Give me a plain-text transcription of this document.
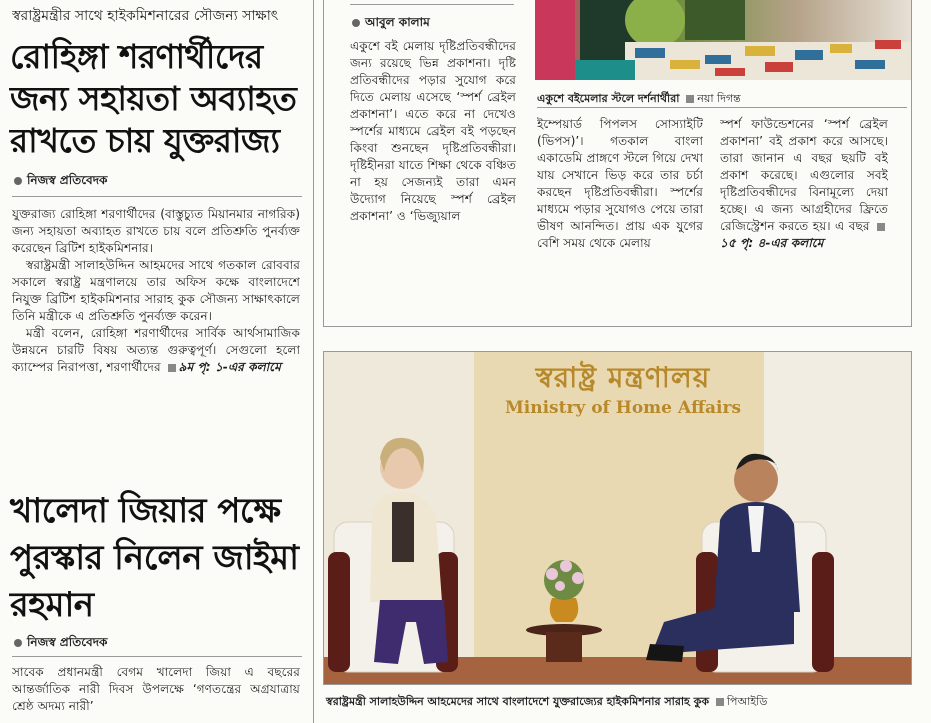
স্বরাষ্ট্রমন্ত্রীর সাথে হাইকমিশনারের সৌজন্য সাক্ষাৎ
রোহিঙ্গা শরণার্থীদের জন্য সহায়তা অব্যাহত রাখতে চায় যুক্তরাজ্য
নিজস্ব প্রতিবেদক

যুক্তরাজ্য রোহিঙ্গা শরণার্থীদের (বাস্তুচ্যুত মিয়ানমার নাগরিক) জন্য সহায়তা অব্যাহত রাখতে চায় বলে প্রতিশ্রুতি পুনর্ব্যক্ত করেছেন ব্রিটিশ হাইকমিশনার।

স্বরাষ্ট্রমন্ত্রী সালাহউদ্দিন আহমদের সাথে গতকাল রোববার সকালে স্বরাষ্ট্র মন্ত্রণালয়ে তার অফিস কক্ষে বাংলাদেশে নিযুক্ত ব্রিটিশ হাইকমিশনার সারাহ কুক সৌজন্য সাক্ষাৎকালে তিনি মন্ত্রীকে এ প্রতিশ্রুতি পুনর্ব্যক্ত করেন।

মন্ত্রী বলেন, রোহিঙ্গা শরণার্থীদের সার্বিক আর্থসামাজিক উন্নয়নে চারটি বিষয় অত্যন্ত গুরুত্বপূর্ণ। সেগুলো হলো ক্যাম্পের নিরাপত্তা, শরণার্থীদের ৯ম পৃ: ১-এর কলামে

খালেদা জিয়ার পক্ষে পুরস্কার নিলেন জাইমা রহমান
নিজস্ব প্রতিবেদক

সাবেক প্রধানমন্ত্রী বেগম খালেদা জিয়া এ বছরের আন্তর্জাতিক নারী দিবস উপলক্ষে ‘গণতন্ত্রের অগ্রযাত্রায় শ্রেষ্ঠ অদম্য নারী’

আবুল কালাম
একুশে বইমেলার স্টলে দর্শনার্থীরা নয়া দিগন্ত

একুশে বই মেলায় দৃষ্টিপ্রতিবন্ধীদের জন্য রয়েছে ভিন্ন প্রকাশনা। দৃষ্টি প্রতিবন্ধীদের পড়ার সুযোগ করে দিতে মেলায় এসেছে ‘স্পর্শ ব্রেইল প্রকাশনা’। এতে করে না দেখেও স্পর্শের মাধ্যমে ব্রেইল বই পড়ছেন কিংবা শুনছেন দৃষ্টিপ্রতিবন্ধীরা। দৃষ্টিহীনরা যাতে শিক্ষা থেকে বঞ্চিত না হয় সেজন্যই তারা এমন উদ্যোগ নিয়েছে স্পর্শ ব্রেইল প্রকাশনা’ ও ‘ভিজ্যুয়াল

ইম্পেয়ার্ড পিপলস সোস্যাইটি (ভিপস)’। গতকাল বাংলা একাডেমি প্রাঙ্গণে স্টলে গিয়ে দেখা যায় সেখানে ভিড় করে তার চর্চা করছেন দৃষ্টিপ্রতিবন্ধীরা। স্পর্শের মাধ্যমে পড়ার সুযোগও পেয়ে তারা ভীষণ আনন্দিত। প্রায় এক যুগের বেশি সময় থেকে মেলায়

স্পর্শ ফাউন্ডেশনের ‘স্পর্শ ব্রেইল প্রকাশনা’ বই প্রকাশ করে আসছে। তারা জানান এ বছর ছয়টি বই প্রকাশ করেছে। এগুলোর সবই দৃষ্টিপ্রতিবন্ধীদের বিনামূল্যে দেয়া হচ্ছে। এ জন্য আগ্রহীদের ফ্রিতে রেজিস্ট্রেশন করতে হয়। এ বছর ১৫ পৃ: ৪-এর কলামে

স্বরাষ্ট্র মন্ত্রণালয়
Ministry of Home Affairs
স্বরাষ্ট্রমন্ত্রী সালাহউদ্দিন আহমেদের সাথে বাংলাদেশে যুক্তরাজ্যের হাইকমিশনার সারাহ কুক পিআইডি
